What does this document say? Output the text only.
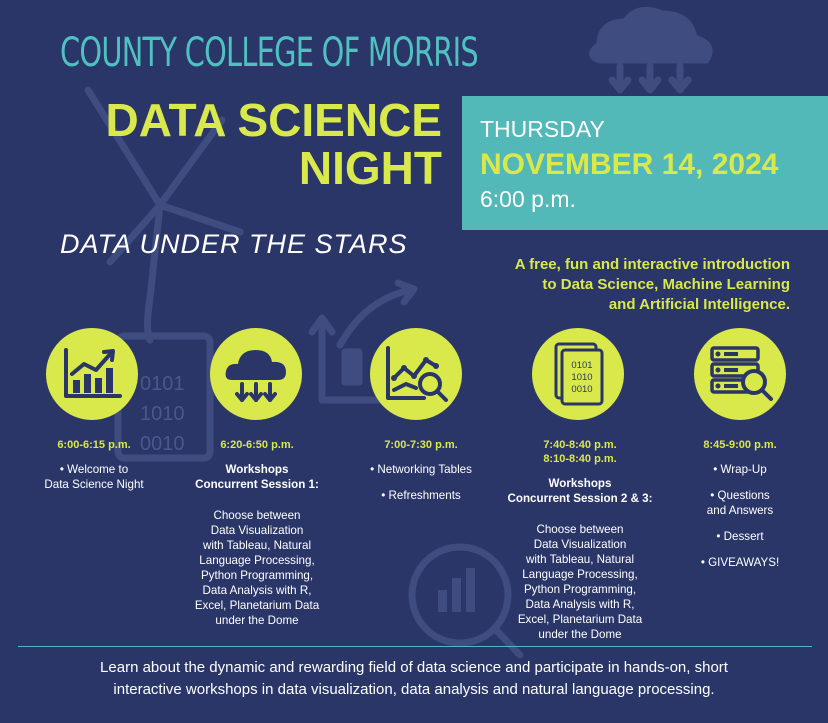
0101
1010
0010
COUNTY COLLEGE OF MORRIS
DATA SCIENCE
NIGHT
DATA UNDER THE STARS
THURSDAY
NOVEMBER 14, 2024
6:00 p.m.
A free, fun and interactive introduction
to Data Science, Machine Learning
and Artificial Intelligence.
0101
1010
0010

6:00-6:15 p.m.

• Welcome to

Data Science Night

6:20-6:50 p.m.

Workshops

Concurrent Session 1:

Choose between

Data Visualization

with Tableau, Natural

Language Processing,

Python Programming,

Data Analysis with R,

Excel, Planetarium Data

under the Dome

7:00-7:30 p.m.

• Networking Tables

• Refreshments

7:40-8:40 p.m.

8:10-8:40 p.m.

Workshops

Concurrent Session 2 & 3:

Choose between

Data Visualization

with Tableau, Natural

Language Processing,

Python Programming,

Data Analysis with R,

Excel, Planetarium Data

under the Dome

8:45-9:00 p.m.

• Wrap-Up

• Questions

and Answers

• Dessert

• GIVEAWAYS!

Learn about the dynamic and rewarding field of data science and participate in hands-on, short
interactive workshops in data visualization, data analysis and natural language processing.
